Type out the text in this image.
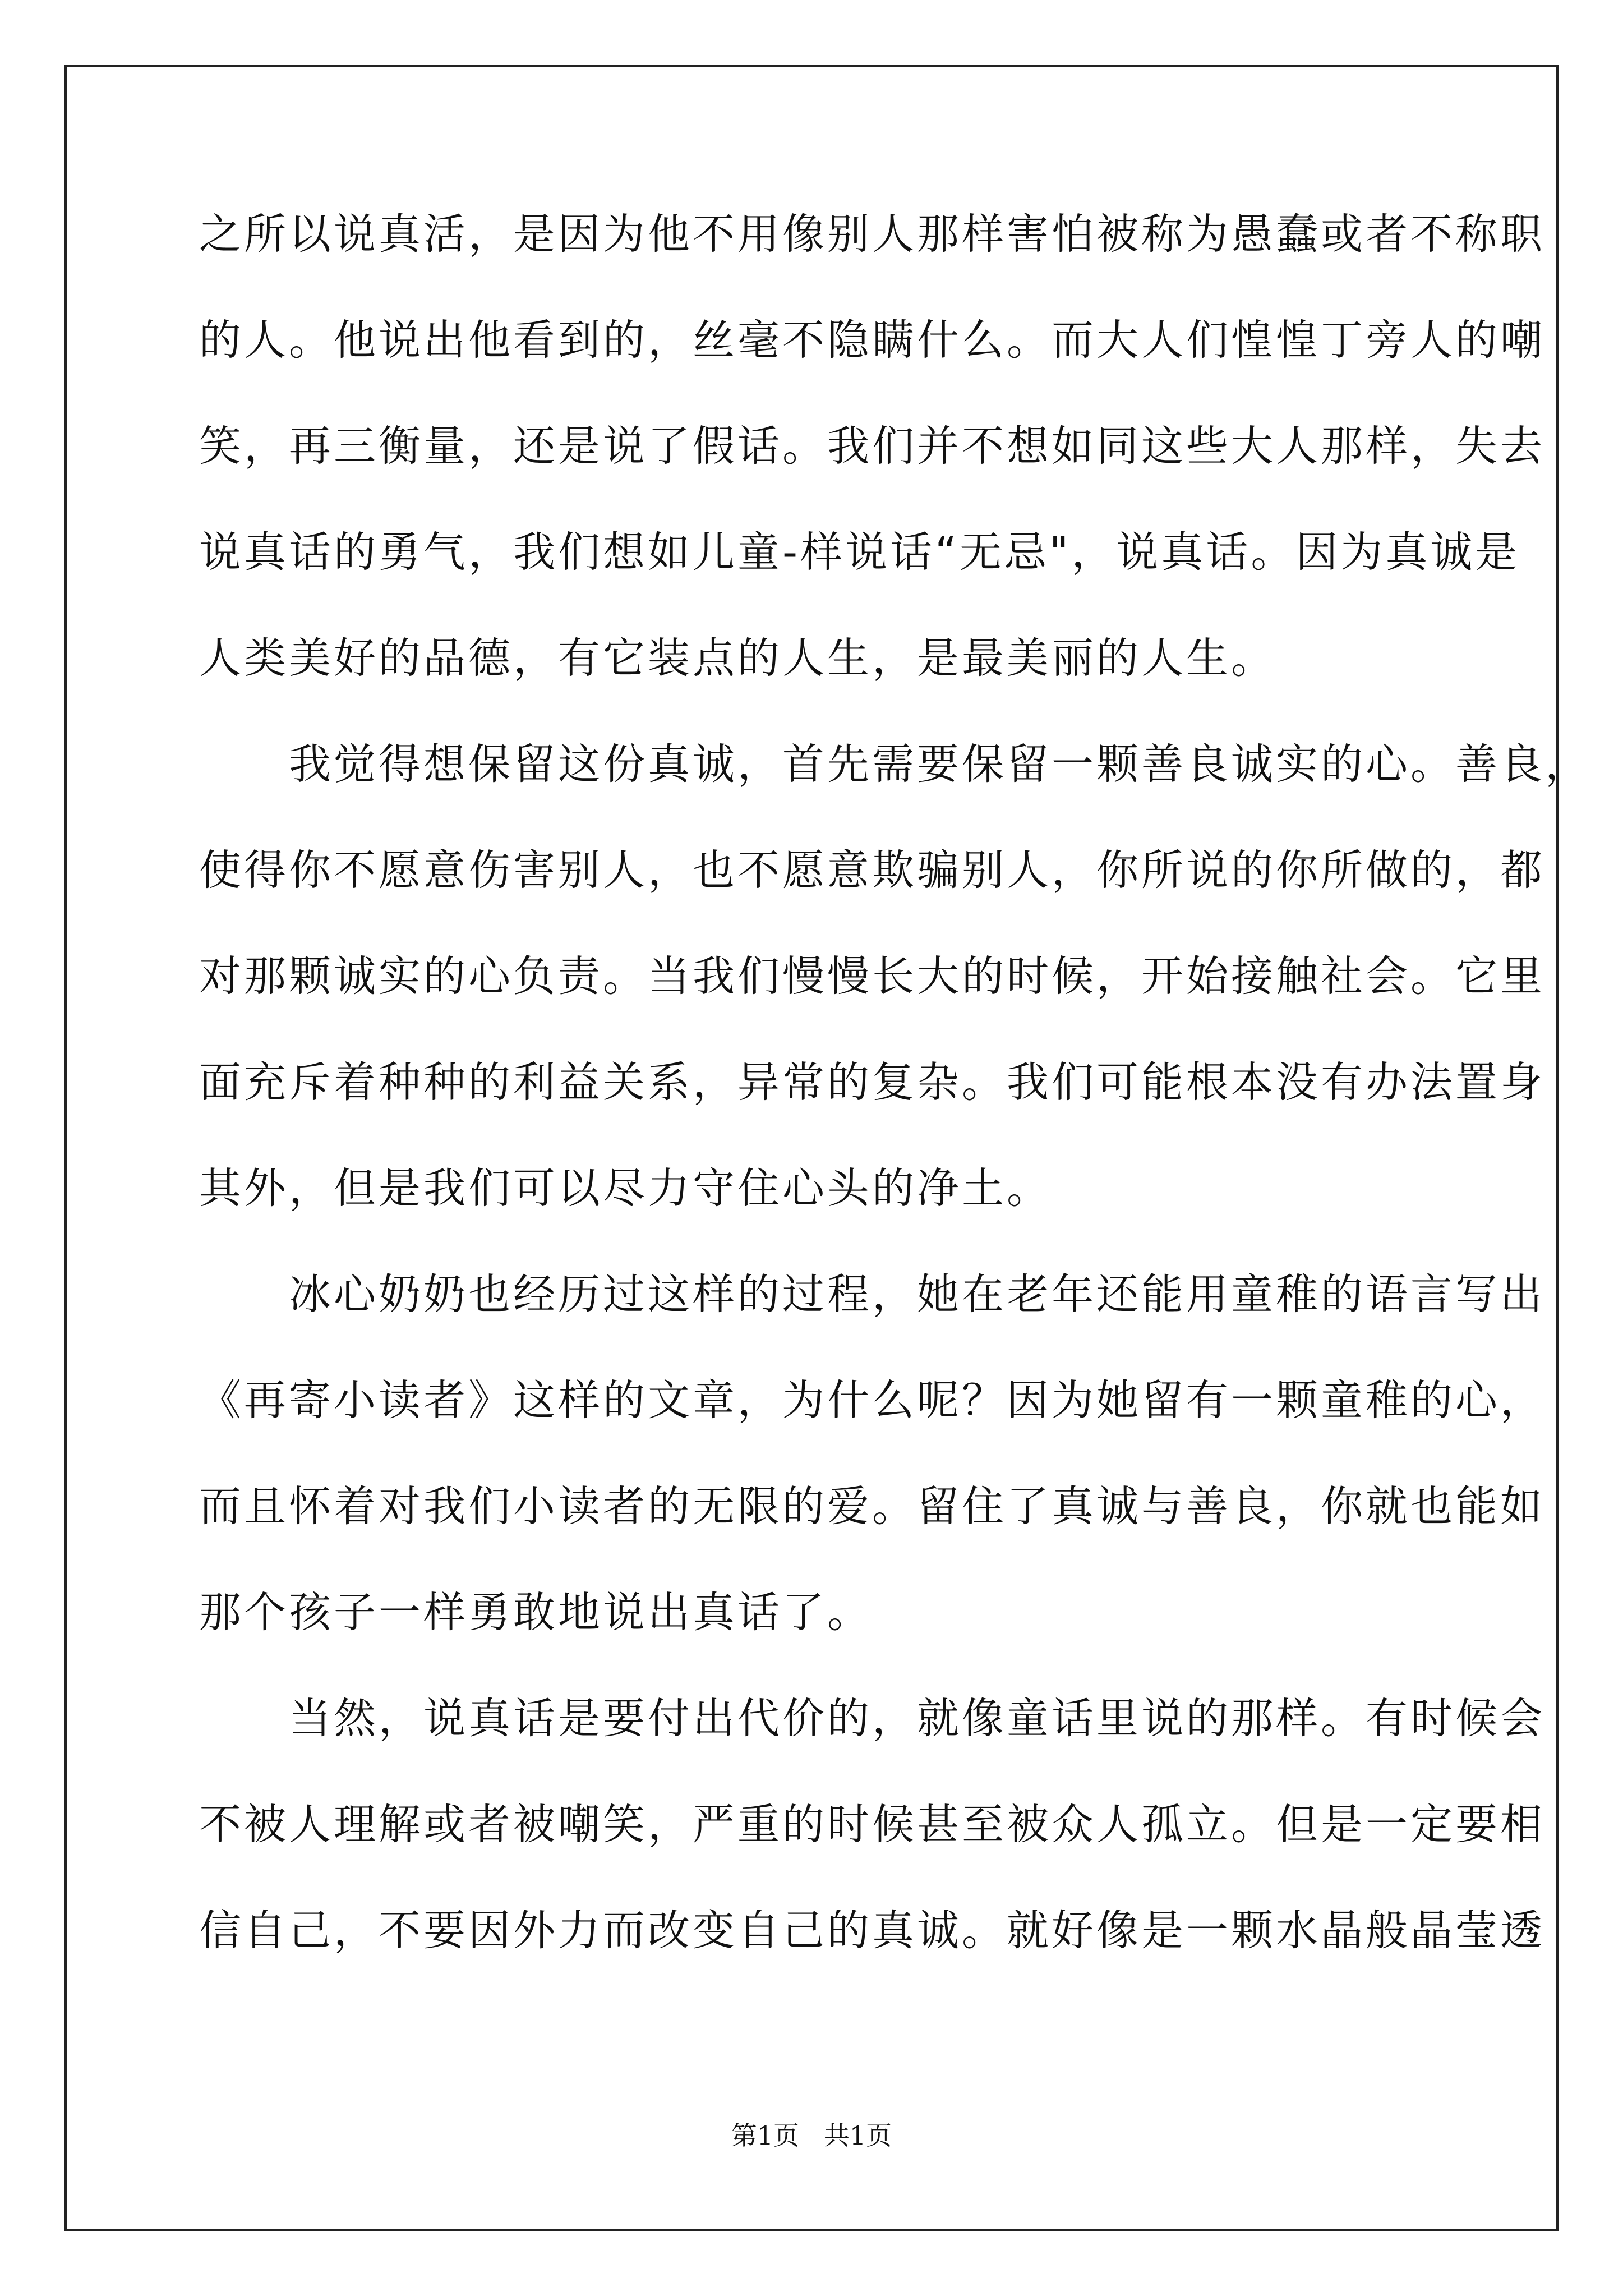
之所以说真活，是因为他不用像别人那样害怕被称为愚蠢或者不称职
的人。他说出他看到的，丝毫不隐瞒什么。而大人们惶惶丁旁人的嘲
笑，再三衡量，还是说了假话。我们并不想如同这些大人那样，失去
说真话的勇气，我们想如儿童-样说话“无忌"，说真话。因为真诚是
人类美好的品德，有它装点的人生，是最美丽的人生。
　　我觉得想保留这份真诚，首先需要保留一颗善良诚实的心。善良，
使得你不愿意伤害别人，也不愿意欺骗别人，你所说的你所做的，都
对那颗诚实的心负责。当我们慢慢长大的时候，开始接触社会。它里
面充斥着种种的利益关系，异常的复杂。我们可能根本没有办法置身
其外，但是我们可以尽力守住心头的净土。
　　冰心奶奶也经历过这样的过程，她在老年还能用童稚的语言写出
《再寄小读者》这样的文章，为什么呢？因为她留有一颗童稚的心，
而且怀着对我们小读者的无限的爱。留住了真诚与善良，你就也能如
那个孩子一样勇敢地说出真话了。
　　当然，说真话是要付出代价的，就像童话里说的那样。有时候会
不被人理解或者被嘲笑，严重的时候甚至被众人孤立。但是一定要相
信自己，不要因外力而改变自己的真诚。就好像是一颗水晶般晶莹透
第1页   共1页
